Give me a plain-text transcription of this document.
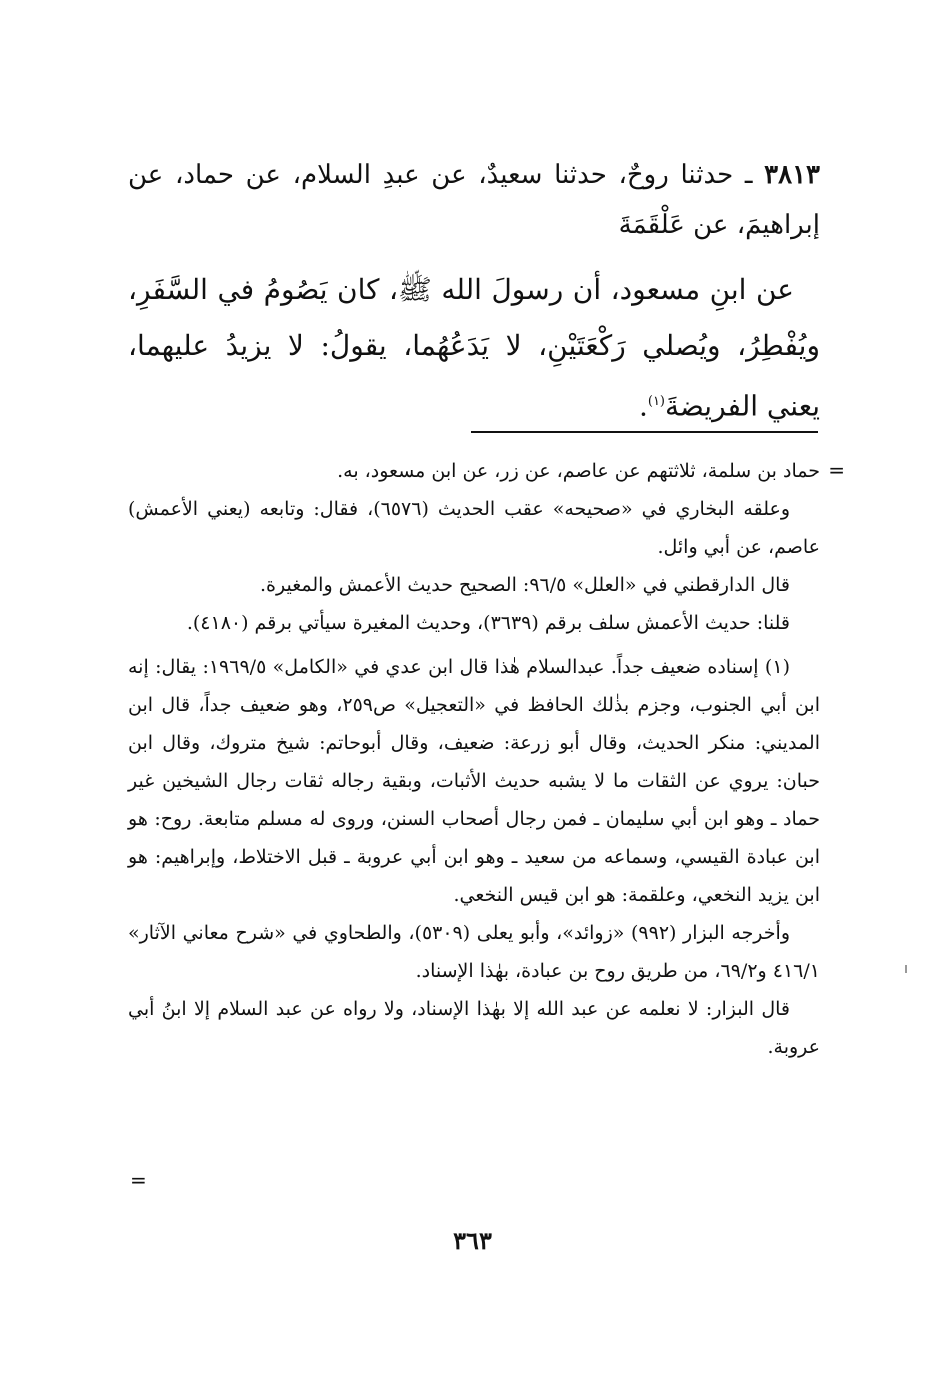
٣٨١٣ ـ حدثنا روحٌ، حدثنا سعيدٌ، عن عبدِ السلام، عن حماد، عن إبراهيمَ، عن عَلْقَمَةَ

عن ابنِ مسعود، أن رسولَ الله ﷺ، كان يَصُومُ في السَّفَرِ، ويُفْطِرُ، ويُصلي رَكْعَتَيْنِ، لا يَدَعُهُما، يقولُ: لا يزيدُ عليهما، يعني الفريضةَ$^{(١)}$.

=

حماد بن سلمة، ثلاثتهم عن عاصم، عن زر، عن ابن مسعود، به.

وعلقه البخاري في «صحيحه» عقب الحديث (٦٥٧٦)، فقال: وتابعه (يعني الأعمش) عاصم، عن أبي وائل.

قال الدارقطني في «العلل» ٩٦/٥: الصحيح حديث الأعمش والمغيرة.

قلنا: حديث الأعمش سلف برقم (٣٦٣٩)، وحديث المغيرة سيأتي برقم (٤١٨٠).

(١) إسناده ضعيف جداً. عبدالسلام هٰذا قال ابن عدي في «الكامل» ١٩٦٩/٥: يقال: إنه ابن أبي الجنوب، وجزم بذٰلك الحافظ في «التعجيل» ص٢٥٩، وهو ضعيف جداً، قال ابن المديني: منكر الحديث، وقال أبو زرعة: ضعيف، وقال أبوحاتم: شيخ متروك، وقال ابن حبان: يروي عن الثقات ما لا يشبه حديث الأثبات، وبقية رجاله ثقات رجال الشيخين غير حماد ـ وهو ابن أبي سليمان ـ فمن رجال أصحاب السنن، وروى له مسلم متابعة. روح: هو ابن عبادة القيسي، وسماعه من سعيد ـ وهو ابن أبي عروبة ـ قبل الاختلاط، وإبراهيم: هو ابن يزيد النخعي، وعلقمة: هو ابن قيس النخعي.

وأخرجه البزار (٩٩٢) «زوائد»، وأبو يعلى (٥٣٠٩)، والطحاوي في «شرح معاني الآثار» ٤١٦/١ و٦٩/٢، من طريق روح بن عبادة، بهٰذا الإسناد.

قال البزار: لا نعلمه عن عبد الله إلا بهٰذا الإسناد، ولا رواه عن عبد السلام إلا ابنُ أبي عروبة.

=
٣٦٣
